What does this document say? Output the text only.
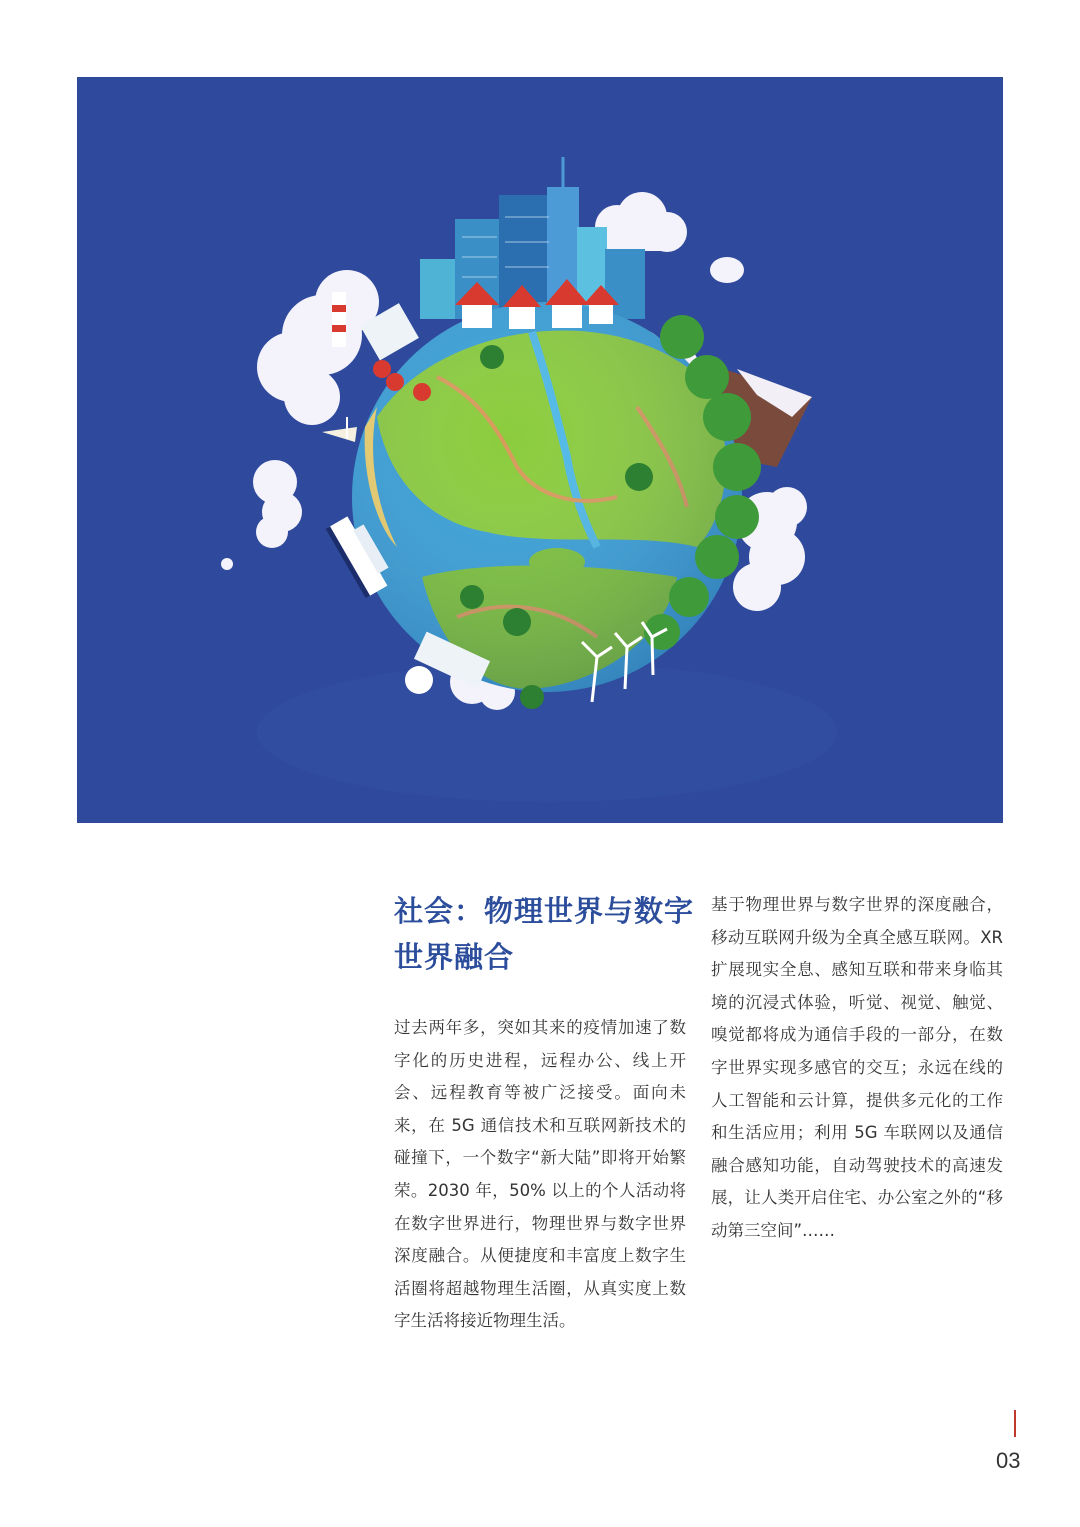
社会：物理世界与数字世界融合

过去两年多，突如其来的疫情加速了数字化的历史进程，远程办公、线上开会、远程教育等被广泛接受。面向未来，在 5G 通信技术和互联网新技术的碰撞下，一个数字“新大陆”即将开始繁荣。2030 年，50% 以上的个人活动将在数字世界进行，物理世界与数字世界深度融合。从便捷度和丰富度上数字生活圈将超越物理生活圈，从真实度上数字生活将接近物理生活。

基于物理世界与数字世界的深度融合，移动互联网升级为全真全感互联网。XR 扩展现实全息、感知互联和带来身临其境的沉浸式体验，听觉、视觉、触觉、嗅觉都将成为通信手段的一部分，在数字世界实现多感官的交互；永远在线的人工智能和云计算，提供多元化的工作和生活应用；利用 5G 车联网以及通信融合感知功能，自动驾驶技术的高速发展，让人类开启住宅、办公室之外的“移动第三空间”……

03
